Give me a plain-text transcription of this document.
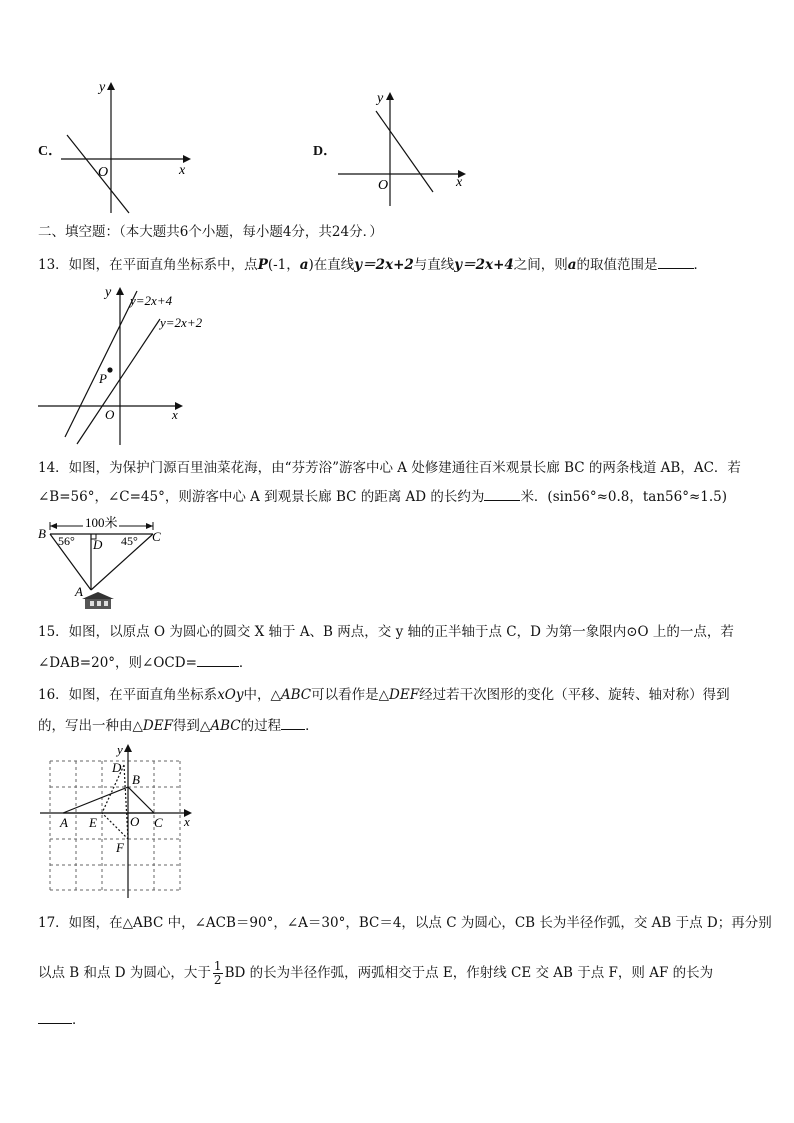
C．
y
x
O
D．
y
x
O
二、填空题：（本大题共6个小题，每小题4分，共24分．）
13．如图，在平面直角坐标系中，点P(-1，a)在直线y＝2x+2与直线y＝2x+4之间，则a的取值范围是	．
y
y=2x+4
y=2x+2
P
O	x
14．如图，为保护门源百里油菜花海，由“芬芳浴”游客中心 A 处修建通往百米观景长廊 BC 的两条栈道 AB，AC．若
∠B=56°，∠C=45°，则游客中心 A 到观景长廊 BC 的距离 AD 的长约为	米．(sin56°≈0.8，tan56°≈1.5)
100米
B	C
D
A
56°	45°
15．如图，以原点 O 为圆心的圆交 X 轴于 A、B 两点，交 y 轴的正半轴于点 C，D 为第一象限内⊙O 上的一点，若
∠DAB=20°，则∠OCD=	．
16．如图，在平面直角坐标系xOy中，△ABC可以看作是△DEF经过若干次图形的变化（平移、旋转、轴对称）得到
的，写出一种由△DEF得到△ABC的过程 ．
y
x
A
B
C
D
E
F
O
17．如图，在△ABC 中，∠ACB＝90°，∠A＝30°，BC＝4，以点 C 为圆心，CB 长为半径作弧，交 AB 于点 D；再分别
以点 B 和点 D 为圆心，大于 $\frac{1}{2}$ BD 的长为半径作弧，两弧相交于点 E，作射线 CE 交 AB 于点 F，则 AF 的长为
．
